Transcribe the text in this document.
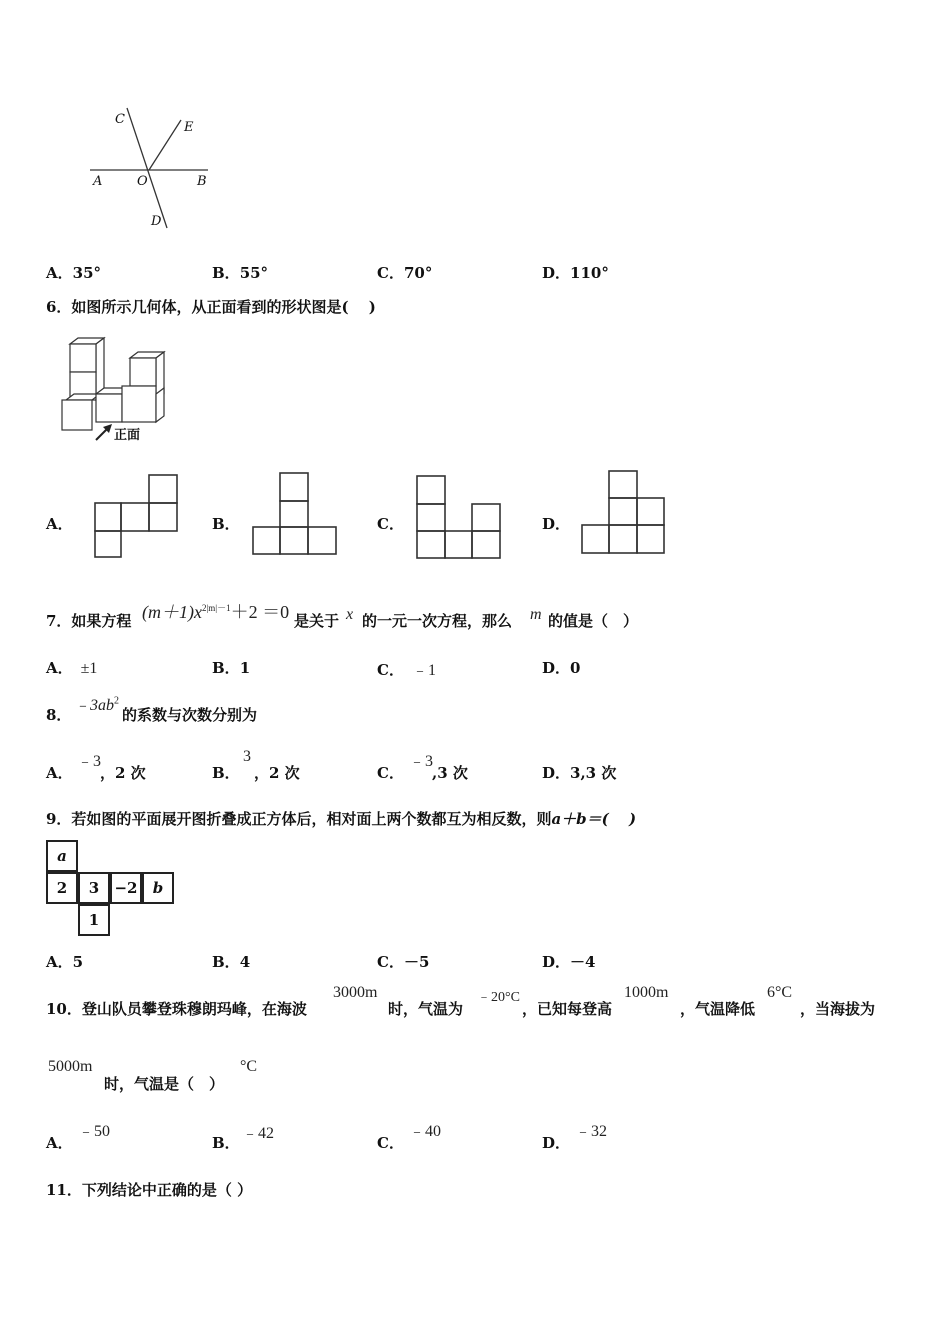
C
E
A	O	B
D
A．35°	B．55°	C．70°	D．110°
6．如图所示几何体，从正面看到的形状图是(　 )
正面
A．	B．	C．	D．
7．如果方程 $(m+1)x^{2|m|-1}+2 =0$ 是关于 x 的一元一次方程，那么 m 的值是（　）
A． ±1	B．1	C． ﹣1	D．0
8．
$﹣3ab^2$
的系数与次数分别为
A．
﹣3
，2 次	B．
3
，2 次	C．
﹣3
,3 次	D．3,3 次
9．若如图的平面展开图折叠成正方体后，相对面上两个数都互为相反数，则a＋b＝(　 )
a
2	3	−2	b
1
A．5	B．4	C．－5	D．－4
10．登山队员攀登珠穆朗玛峰，在海波
3000m
时，气温为
﹣20°C
，已知每登高
1000m
，气温降低
6°C
，当海拔为
5000m
时，气温是（　）
°C
A．
﹣50
B．
﹣42
C．
﹣40
D．
﹣32
11．下列结论中正确的是（ ）
